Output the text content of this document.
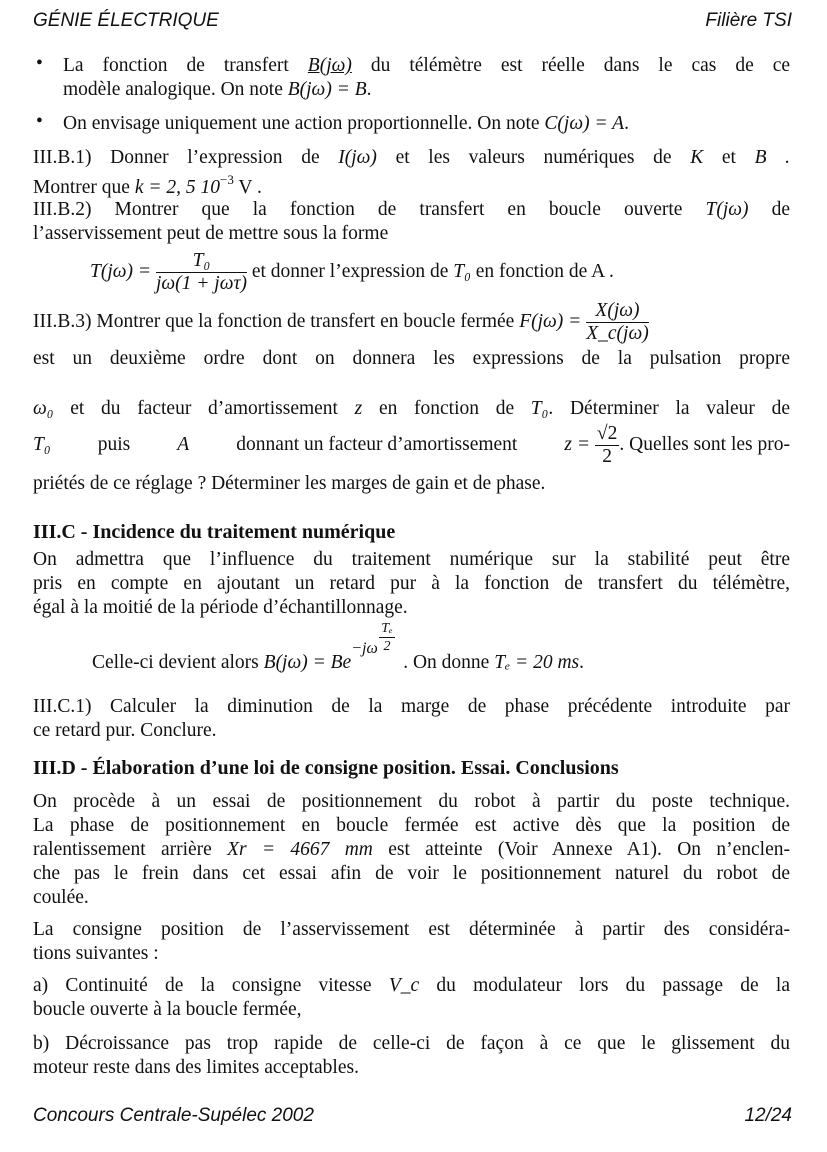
GÉNIE ÉLECTRIQUE	Filière TSI
• La fonction de transfert B(jω) du télémètre est réelle dans le cas de ce
modèle analogique. On note B(jω) = B.
• On envisage uniquement une action proportionnelle. On note C(jω) = A.
III.B.1) Donner l’expression de I(jω) et les valeurs numériques de K et B .
Montrer que k = 2, 5 $10^{-3}$ V .
III.B.2) Montrer que la fonction de transfert en boucle ouverte T(jω) de
l’asservissement peut de mettre sous la forme
$T(j\omega) = \frac{\text{T₀}}{\text{jω(1 + jωτ)}}$ et donner l’expression de T₀ en fonction de A .
III.B.3) Montrer que la fonction de transfert en boucle fermée $F(j\omega) = \frac{X(j\omega)}{X\_c(j\omega)}$
est un deuxième ordre dont on donnera les expressions de la pulsation propre
ω₀ et du facteur d’amortissement z en fonction de T₀. Déterminer la valeur de
T₀ puis A donnant un facteur d’amortissement $z = \frac{√2}{2}$ . Quelles sont les pro-
priétés de ce réglage ? Déterminer les marges de gain et de phase.
III.C - Incidence du traitement numérique
On admettra que l’influence du traitement numérique sur la stabilité peut être
pris en compte en ajoutant un retard pur à la fonction de transfert du télémètre,
égal à la moitié de la période d’échantillonnage.
Celle-ci devient alors B(jω) = Be
$-j\omega \frac{\text{Tₑ}}{2}$
. On donne Tₑ = 20 ms.
III.C.1) Calculer la diminution de la marge de phase précédente introduite par
ce retard pur. Conclure.
III.D - Élaboration d’une loi de consigne position. Essai. Conclusions
On procède à un essai de positionnement du robot à partir du poste technique.
La phase de positionnement en boucle fermée est active dès que la position de
ralentissement arrière Xr = 4667 mm est atteinte (Voir Annexe A1). On n’enclen-
che pas le frein dans cet essai afin de voir le positionnement naturel du robot de
coulée.
La consigne position de l’asservissement est déterminée à partir des considéra-
tions suivantes :
a) Continuité de la consigne vitesse V_c du modulateur lors du passage de la
boucle ouverte à la boucle fermée,
b) Décroissance pas trop rapide de celle-ci de façon à ce que le glissement du
moteur reste dans des limites acceptables.
Concours Centrale-Supélec 2002	12/24
